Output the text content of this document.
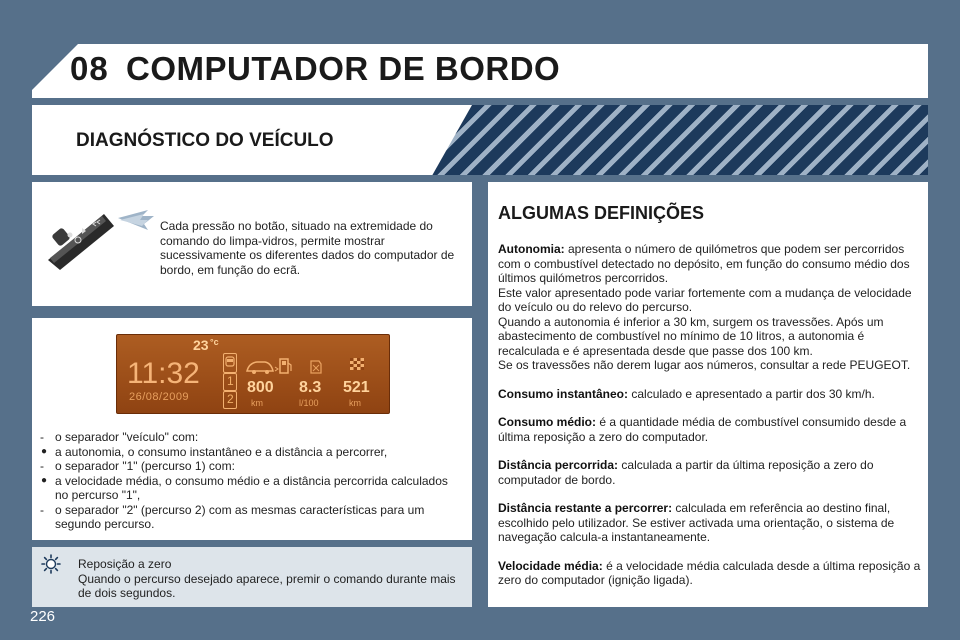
08 COMPUTADOR DE BORDO
DIAGNÓSTICO DO VEÍCULO
Cada pressão no botão, situado na extremidade do comando do limpa-vidros, permite mostrar sucessivamente os diferentes dados do computador de bordo, em função do ecrã.
23 °c
11:32
26/08/2009
1
2
800
km
8.3
l/100
521
km
- o separador "veículo" com:
● a autonomia, o consumo instantâneo e a distância a percorrer,
- o separador "1" (percurso 1) com:
● a velocidade média, o consumo médio e a distância percorrida calculados no percurso "1",
- o separador "2" (percurso 2) com as mesmas características para um segundo percurso.
Reposição a zero
Quando o percurso desejado aparece, premir o comando durante mais de dois segundos.
ALGUMAS DEFINIÇÕES

Autonomia: apresenta o número de quilómetros que podem ser percorridos com o combustível detectado no depósito, em função do consumo médio dos últimos quilómetros percorridos.
Este valor apresentado pode variar fortemente com a mudança de velocidade do veículo ou do relevo do percurso.
Quando a autonomia é inferior a 30 km, surgem os travessões. Após um abastecimento de combustível no mínimo de 10 litros, a autonomia é recalculada e é apresentada desde que passe dos 100 km.
Se os travessões não derem lugar aos números, consultar a rede PEUGEOT.

Consumo instantâneo: calculado e apresentado a partir dos 30 km/h.

Consumo médio: é a quantidade média de combustível consumido desde a última reposição a zero do computador.

Distância percorrida: calculada a partir da última reposição a zero do computador de bordo.

Distância restante a percorrer: calculada em referência ao destino final, escolhido pelo utilizador. Se estiver activada uma orientação, o sistema de navegação calcula-a instantaneamente.

Velocidade média: é a velocidade média calculada desde a última reposição a zero do computador (ignição ligada).

226
